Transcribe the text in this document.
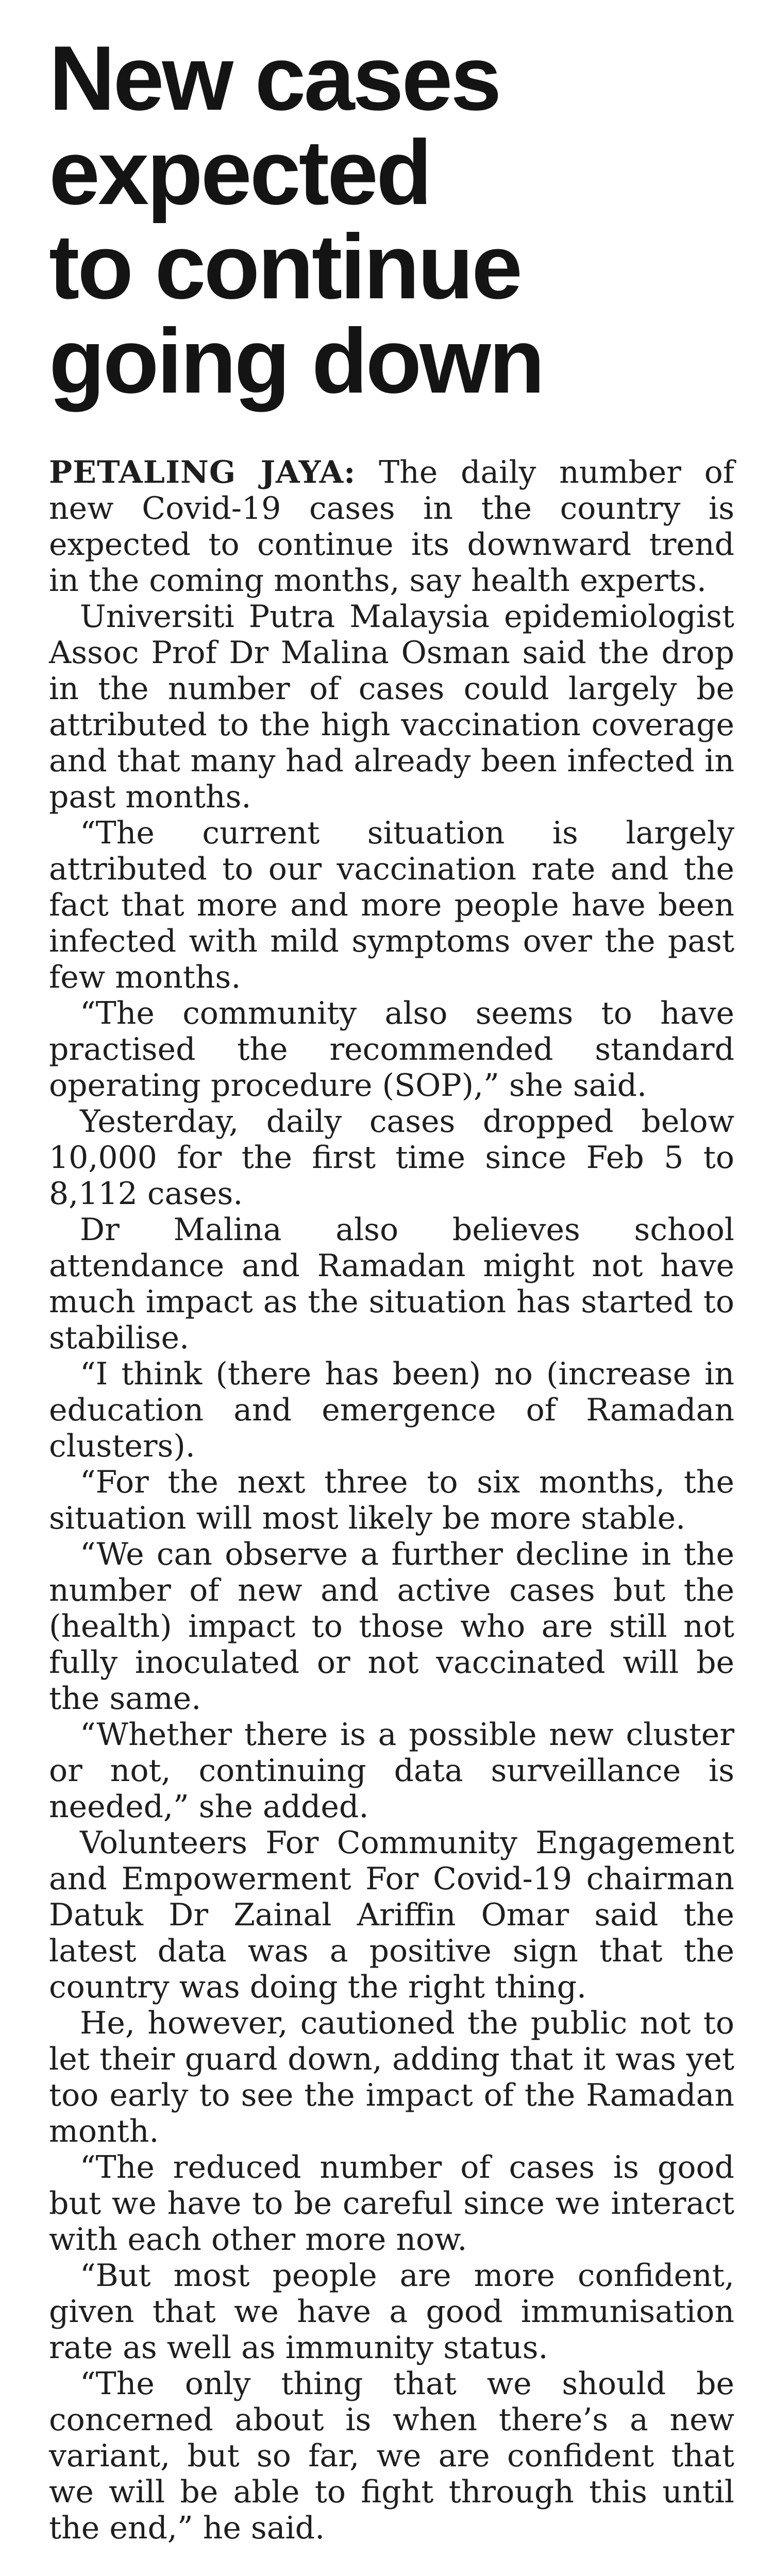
New cases
expected
to continue
going down

PETALING JAYA: The daily number of new Covid-19 cases in the country is expected to continue its downward trend in the coming months, say health experts.

Universiti Putra Malaysia epidemiologist Assoc Prof Dr Malina Osman said the drop in the number of cases could largely be attributed to the high vaccination coverage and that many had already been infected in past months.

“The current situation is largely attributed to our vaccination rate and the fact that more and more people have been infected with mild symptoms over the past few months.

“The community also seems to have practised the recommended standard operating procedure (SOP),” she said.

Yesterday, daily cases dropped below 10,000 for the first time since Feb 5 to 8,112 cases.

Dr Malina also believes school attendance and Ramadan might not have much impact as the situation has started to stabilise.

“I think (there has been) no (increase in education and emergence of Ramadan clusters).

“For the next three to six months, the situation will most likely be more stable.

“We can observe a further decline in the number of new and active cases but the (health) impact to those who are still not fully inoculated or not vaccinated will be the same.

“Whether there is a possible new cluster or not, continuing data surveillance is needed,” she added.

Volunteers For Community Engagement and Empowerment For Covid-19 chairman Datuk Dr Zainal Ariffin Omar said the latest data was a positive sign that the country was doing the right thing.

He, however, cautioned the public not to let their guard down, adding that it was yet too early to see the impact of the Ramadan month.

“The reduced number of cases is good but we have to be careful since we interact with each other more now.

“But most people are more confident, given that we have a good immunisation rate as well as immunity status.

“The only thing that we should be concerned about is when there’s a new variant, but so far, we are confident that we will be able to fight through this until the end,” he said.
